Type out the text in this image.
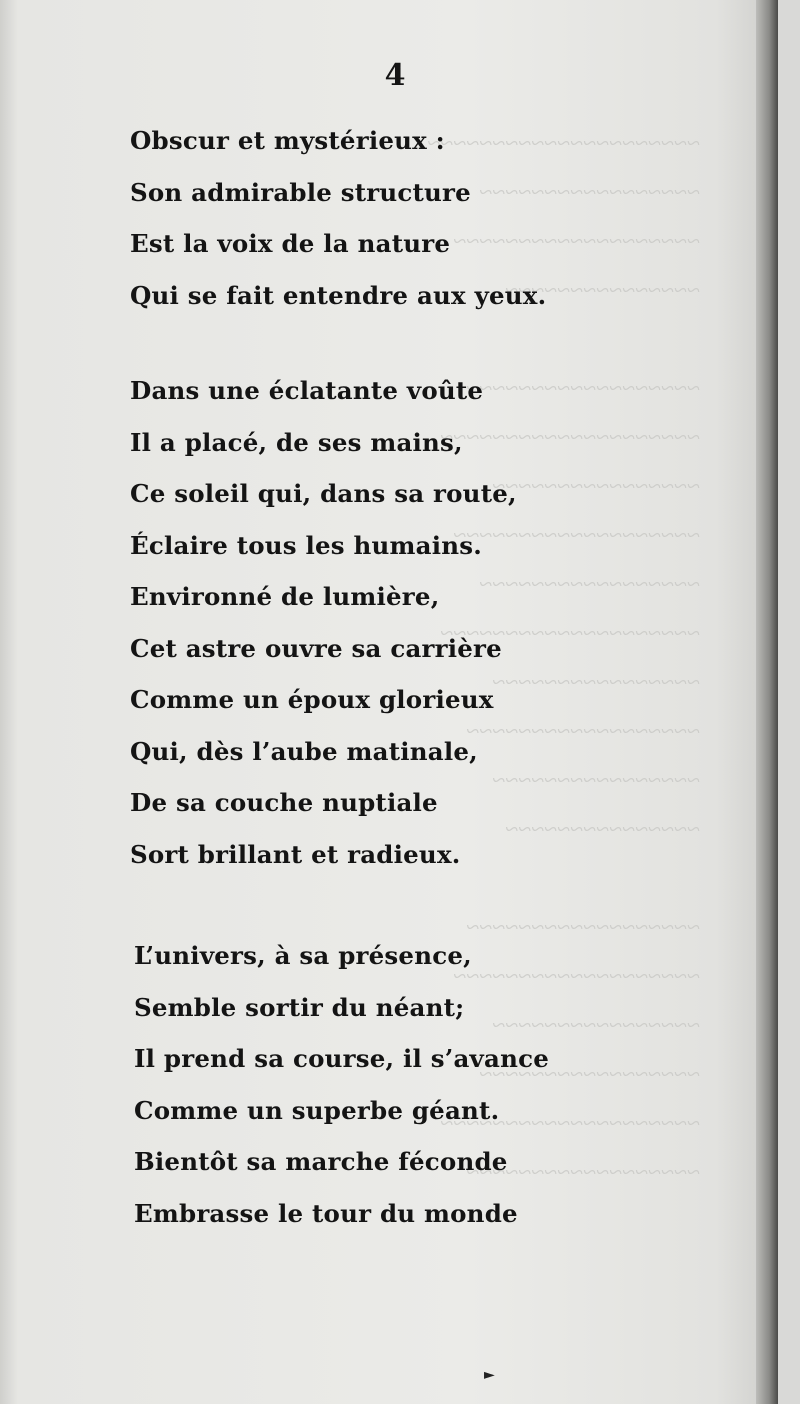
~~~~~~~~~~~~~~~~~~~~~
~~~~~~~~~~~~~~~~~
~~~~~~~~~~~~~~~~~~~
~~~~~~~~~~~~~~~

~~~~~~~~~~~~~~~~~~
~~~~~~~~~~~~~~~~~~~~
~~~~~~~~~~~~~~~~
~~~~~~~~~~~~~~~~~~~
~~~~~~~~~~~~~~~~~
~~~~~~~~~~~~~~~~~~~~
~~~~~~~~~~~~~~~~
~~~~~~~~~~~~~~~~~~
~~~~~~~~~~~~~~~~
~~~~~~~~~~~~~~~

~~~~~~~~~~~~~~~~~~
~~~~~~~~~~~~~~~~~~~
~~~~~~~~~~~~~~~~
~~~~~~~~~~~~~~~~~
~~~~~~~~~~~~~~~~~~~~
~~~~~~~~~~~~~~~~~~
4
Obscur et mystérieux :
Son admirable structure
Est la voix de la nature
Qui se fait entendre aux yeux.
Dans une éclatante voûte
Il a placé, de ses mains,
Ce soleil qui, dans sa route,
Éclaire tous les humains.
Environné de lumière,
Cet astre ouvre sa carrière
Comme un époux glorieux
Qui, dès l’aube matinale,
De sa couche nuptiale
Sort brillant et radieux.
L’univers, à sa présence,
Semble sortir du néant;
Il prend sa course, il s’avance
Comme un superbe géant.
Bientôt sa marche féconde
Embrasse le tour du monde
►
